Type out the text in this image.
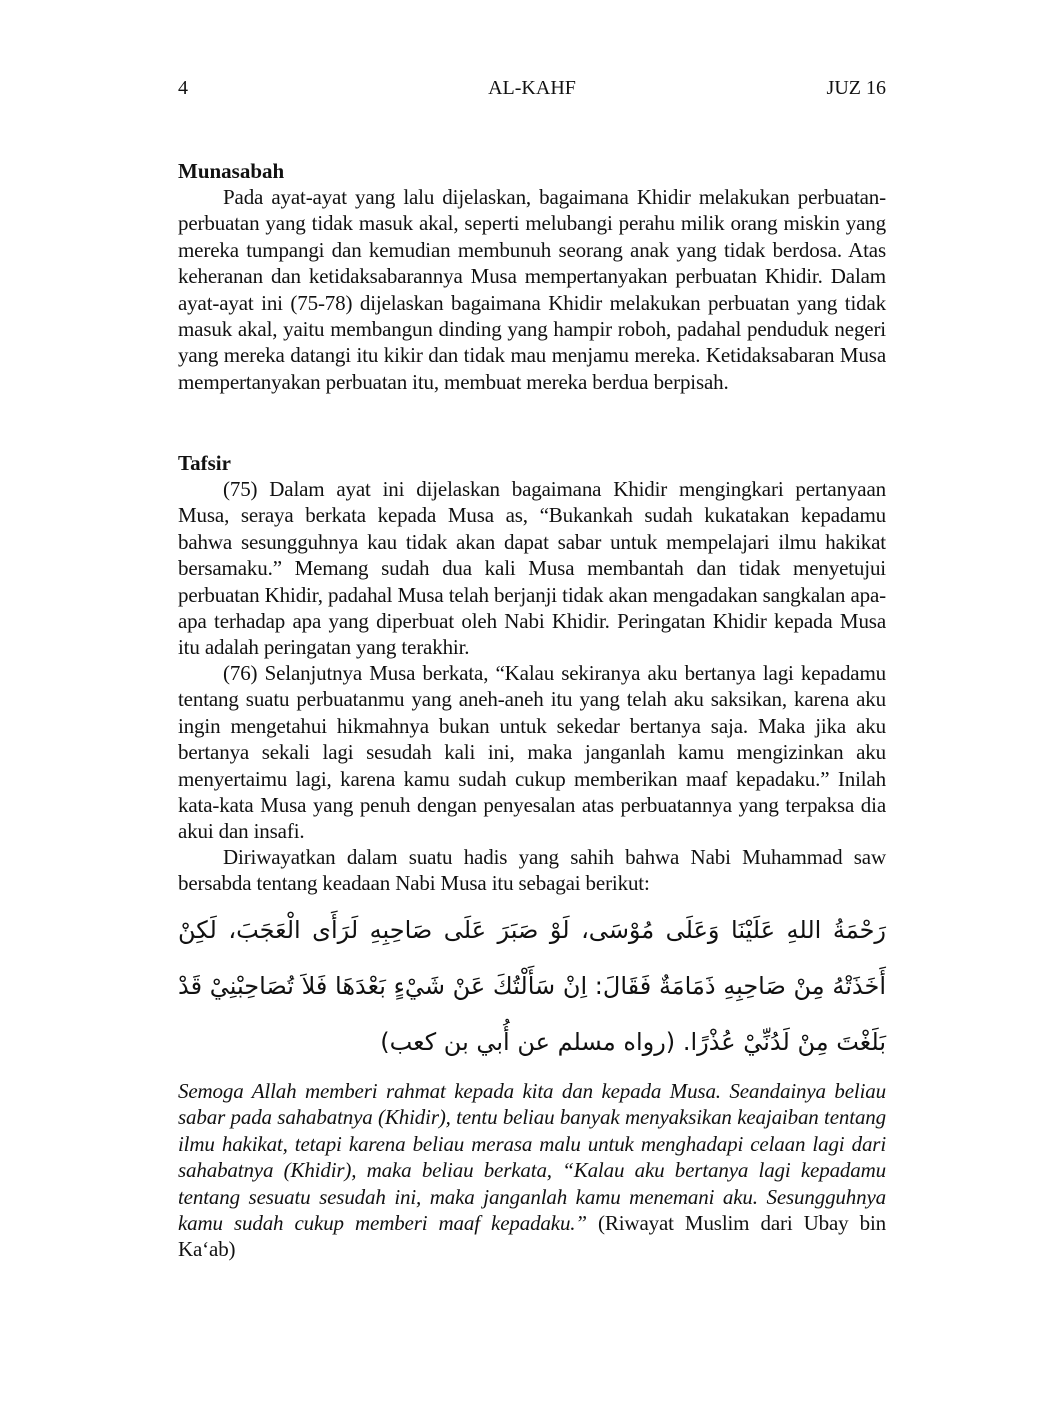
4	AL-KAHF	JUZ 16
Munasabah

Pada ayat-ayat yang lalu dijelaskan, bagaimana Khidir melakukan perbuatan-perbuatan yang tidak masuk akal, seperti melubangi perahu milik orang miskin yang mereka tumpangi dan kemudian membunuh seorang anak yang tidak berdosa. Atas keheranan dan ketidaksabarannya Musa mempertanyakan perbuatan Khidir. Dalam ayat-ayat ini (75-78) dijelaskan bagaimana Khidir melakukan perbuatan yang tidak masuk akal, yaitu membangun dinding yang hampir roboh, padahal penduduk negeri yang mereka datangi itu kikir dan tidak mau menjamu mereka. Ketidaksabaran Musa mempertanyakan perbuatan itu, membuat mereka berdua berpisah.

Tafsir

(75) Dalam ayat ini dijelaskan bagaimana Khidir mengingkari pertanyaan Musa, seraya berkata kepada Musa as, “Bukankah sudah kukatakan kepadamu bahwa sesungguhnya kau tidak akan dapat sabar untuk mempelajari ilmu hakikat bersamaku.” Memang sudah dua kali Musa membantah dan tidak menyetujui perbuatan Khidir, padahal Musa telah berjanji tidak akan mengadakan sangkalan apa-apa terhadap apa yang diperbuat oleh Nabi Khidir. Peringatan Khidir kepada Musa itu adalah peringatan yang terakhir.

(76) Selanjutnya Musa berkata, “Kalau sekiranya aku bertanya lagi kepadamu tentang suatu perbuatanmu yang aneh-aneh itu yang telah aku saksikan, karena aku ingin mengetahui hikmahnya bukan untuk sekedar bertanya saja. Maka jika aku bertanya sekali lagi sesudah kali ini, maka janganlah kamu mengizinkan aku menyertaimu lagi, karena kamu sudah cukup memberikan maaf kepadaku.” Inilah kata-kata Musa yang penuh dengan penyesalan atas perbuatannya yang terpaksa dia akui dan insafi.

Diriwayatkan dalam suatu hadis yang sahih bahwa Nabi Muhammad saw bersabda tentang keadaan Nabi Musa itu sebagai berikut:

رَحْمَةُ اللهِ عَلَيْنَا وَعَلَى مُوْسَى، لَوْ صَبَرَ عَلَى صَاحِبِهِ لَرَأَى الْعَجَبَ، لَكِنْ أَخَذَتْهُ مِنْ صَاحِبِهِ ذَمَامَةٌ فَقَالَ: اِنْ سَأَلْتُكَ عَنْ شَيْءٍ بَعْدَهَا فَلاَ تُصَاحِبْنِيْ قَدْ بَلَغْتَ مِنْ لَدُنِّيْ عُذْرًا. (رواه مسلم عن أُبي بن كعب)

Semoga Allah memberi rahmat kepada kita dan kepada Musa. Seandainya beliau sabar pada sahabatnya (Khidir), tentu beliau banyak menyaksikan keajaiban tentang ilmu hakikat, tetapi karena beliau merasa malu untuk menghadapi celaan lagi dari sahabatnya (Khidir), maka beliau berkata, “Kalau aku bertanya lagi kepadamu tentang sesuatu sesudah ini, maka janganlah kamu menemani aku. Sesungguhnya kamu sudah cukup memberi maaf kepadaku.” (Riwayat Muslim dari Ubay bin Ka‘ab)
